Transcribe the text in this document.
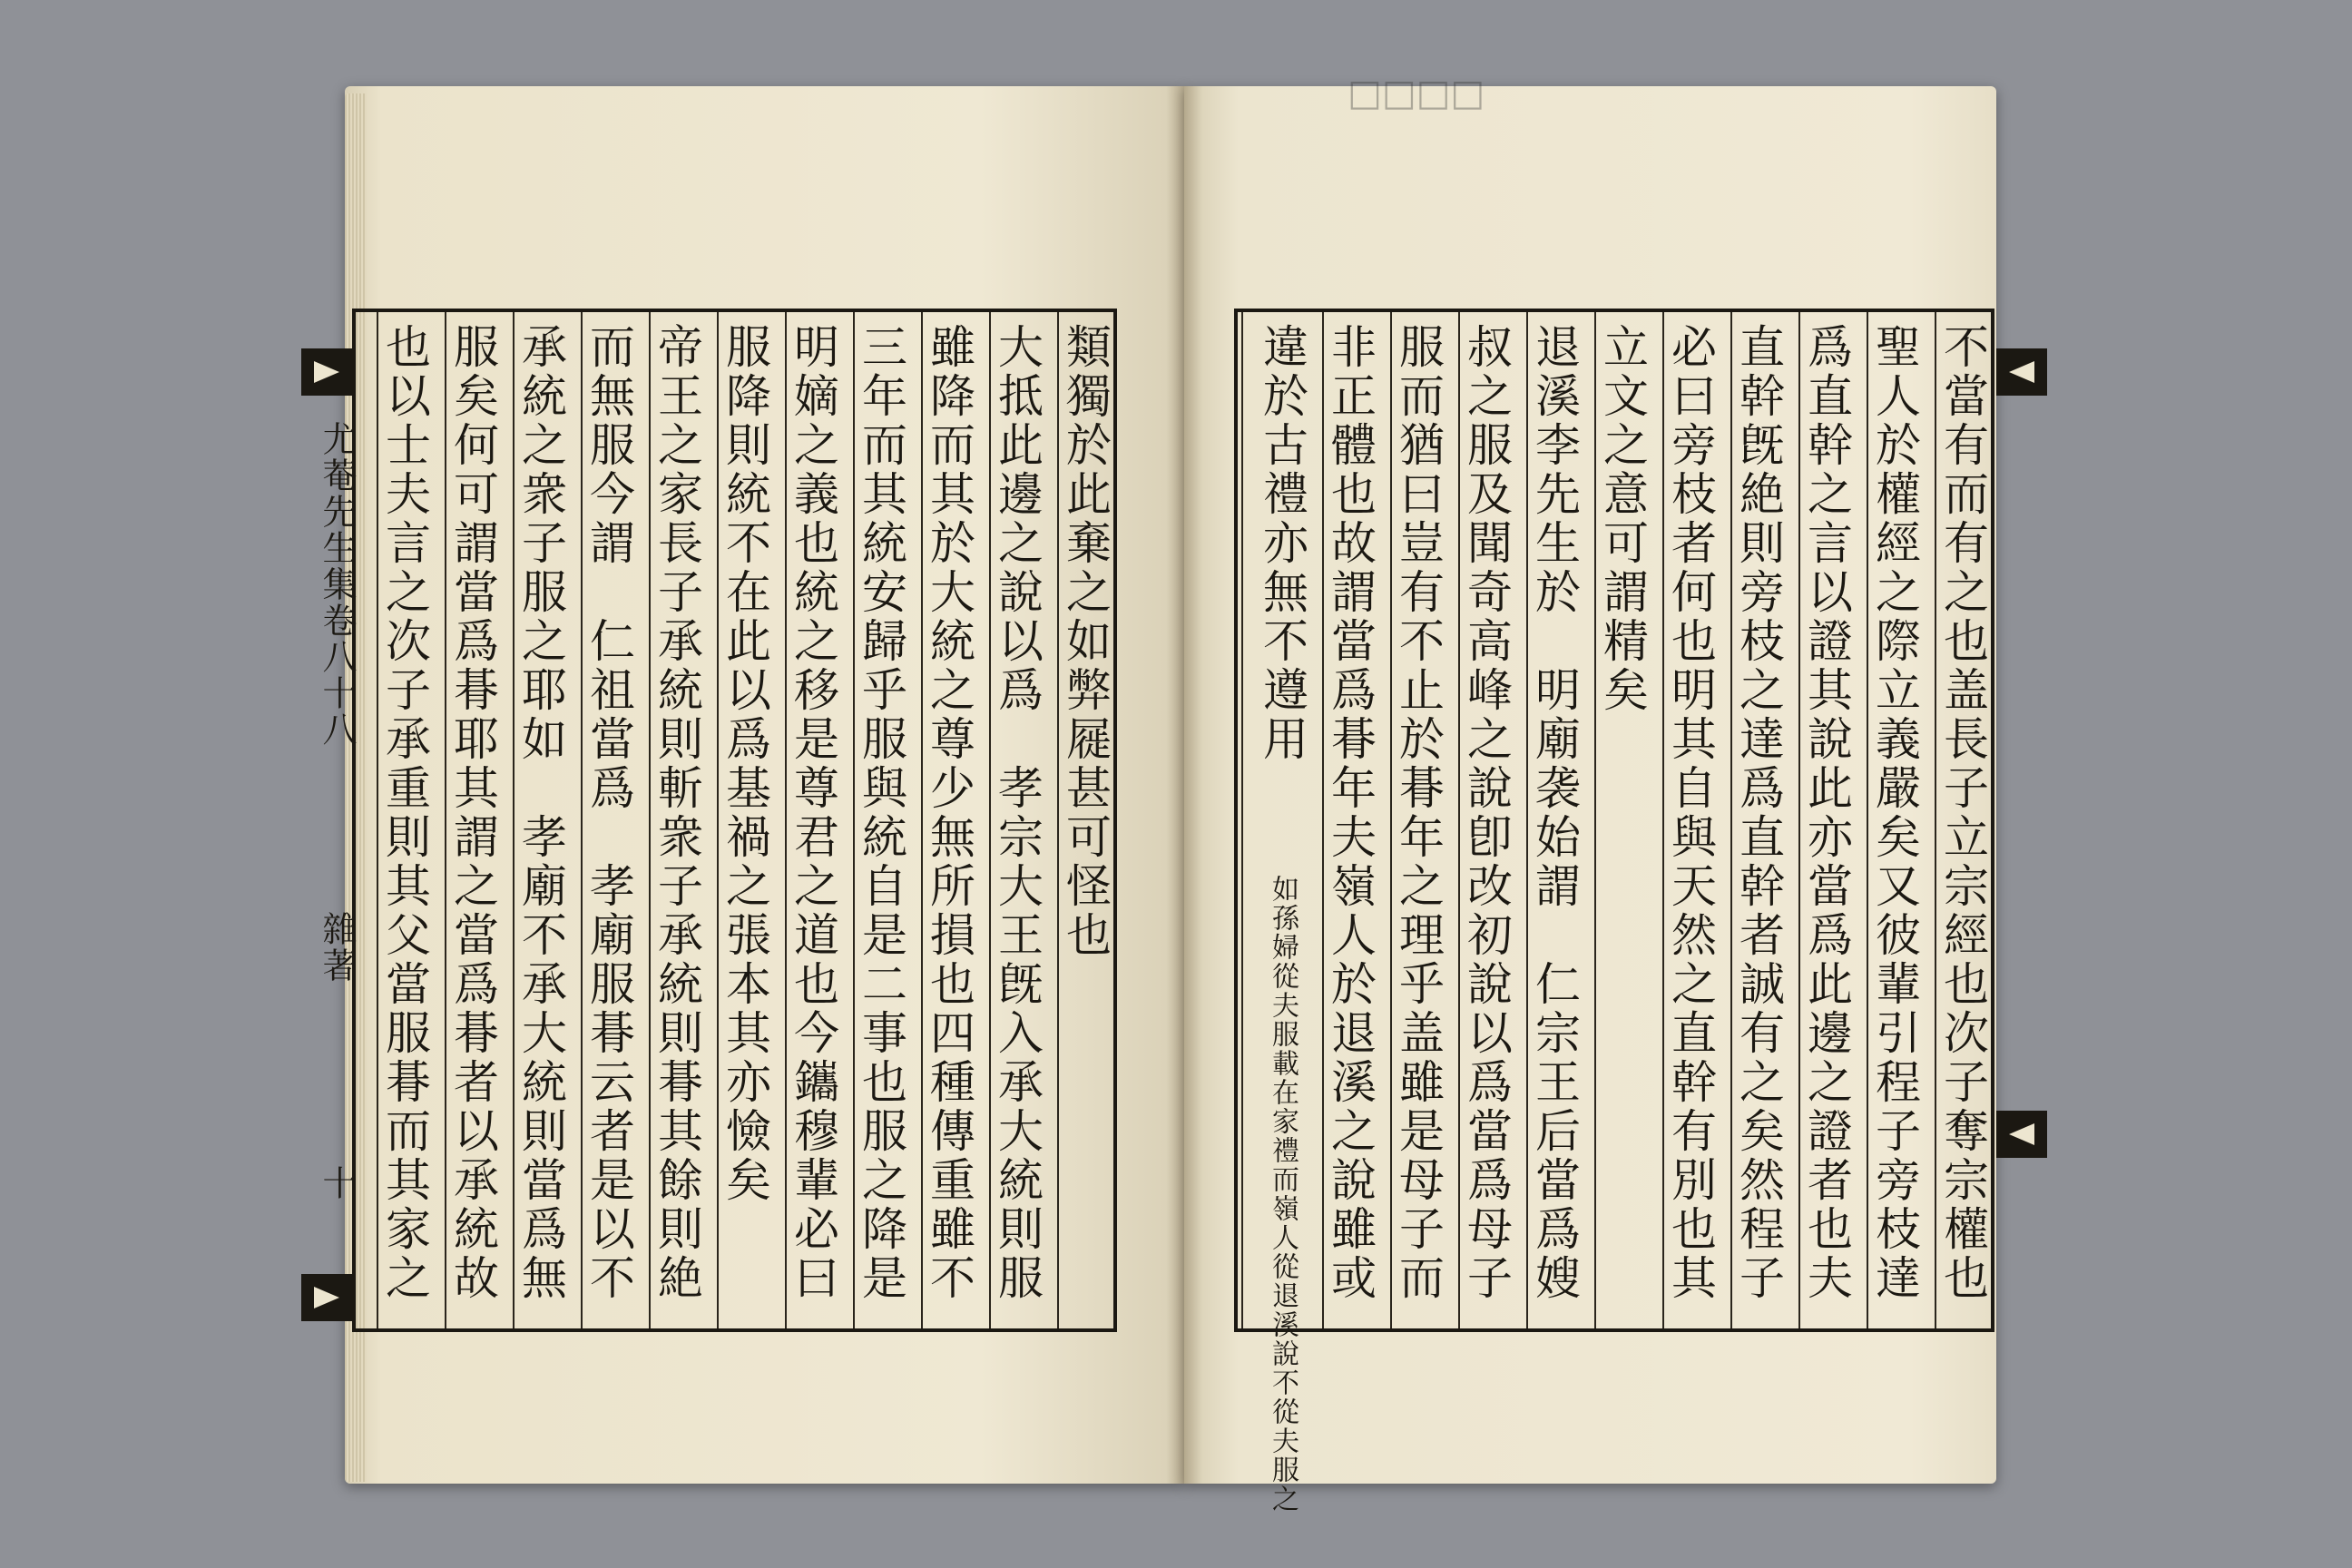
□□□□
類獨於此棄之如弊屣甚可怪也
大抵此邊之說以爲　孝宗大王旣入承大統則服
雖降而其於大統之尊少無所損也四種傳重雖不
三年而其統安歸乎服與統自是二事也服之降是
明嫡之義也統之移是尊君之道也今鑴穆輩必曰
服降則統不在此以爲基禍之張本其亦憸矣
帝王之家長子承統則斬衆子承統則朞其餘則絶
而無服今謂　仁祖當爲　孝廟服朞云者是以不
承統之衆子服之耶如　孝廟不承大統則當爲無
服矣何可謂當爲朞耶其謂之當爲朞者以承統故
也以士夫言之次子承重則其父當服朞而其家之
尤菴先生集卷八十八
雜著
十	不當有而有之也盖長子立宗經也次子奪宗權也
聖人於權經之際立義嚴矣又彼輩引程子旁枝達
爲直幹之言以證其說此亦當爲此邊之證者也夫
直幹旣絶則旁枝之達爲直幹者誠有之矣然程子
必曰旁枝者何也明其自與天然之直幹有別也其
立文之意可謂精矣
退溪李先生於　明廟袭始謂　仁宗王后當爲嫂
叔之服及聞奇高峰之說卽改初說以爲當爲母子
服而猶曰豈有不止於朞年之理乎盖雖是母子而
非正體也故謂當爲朞年夫嶺人於退溪之說雖或
違於古禮亦無不遵用
如孫婦從夫服載在家禮而嶺人從退溪說不從夫服之
